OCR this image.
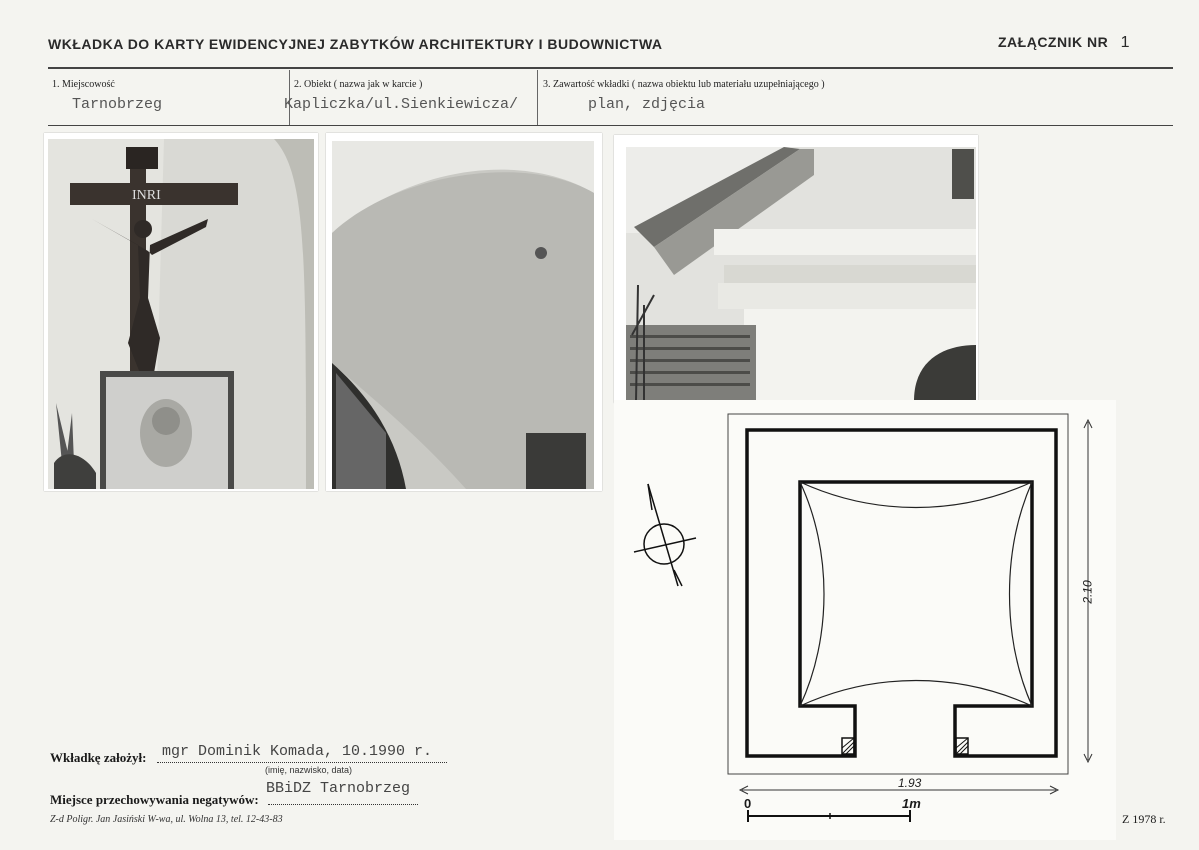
WKŁADKA DO KARTY EWIDENCYJNEJ ZABYTKÓW ARCHITEKTURY I BUDOWNICTWA	ZAŁĄCZNIK NR 1
1. Miejscowość
Tarnobrzeg
2. Obiekt ( nazwa jak w karcie )
Kapliczka/ul.Sienkiewicza/
3. Zawartość wkładki ( nazwa obiektu lub materiału uzupełniającego )
plan, zdjęcia
INRI
2.10
1.93
0	1m
Wkładkę założył: mgr Dominik Komada, 10.1990 r.
(imię, nazwisko, data)
Miejsce przechowywania negatywów:
BBiDZ Tarnobrzeg
Z-d Poligr. Jan Jasiński W-wa, ul. Wolna 13, tel. 12-43-83	Z 1978 r.
